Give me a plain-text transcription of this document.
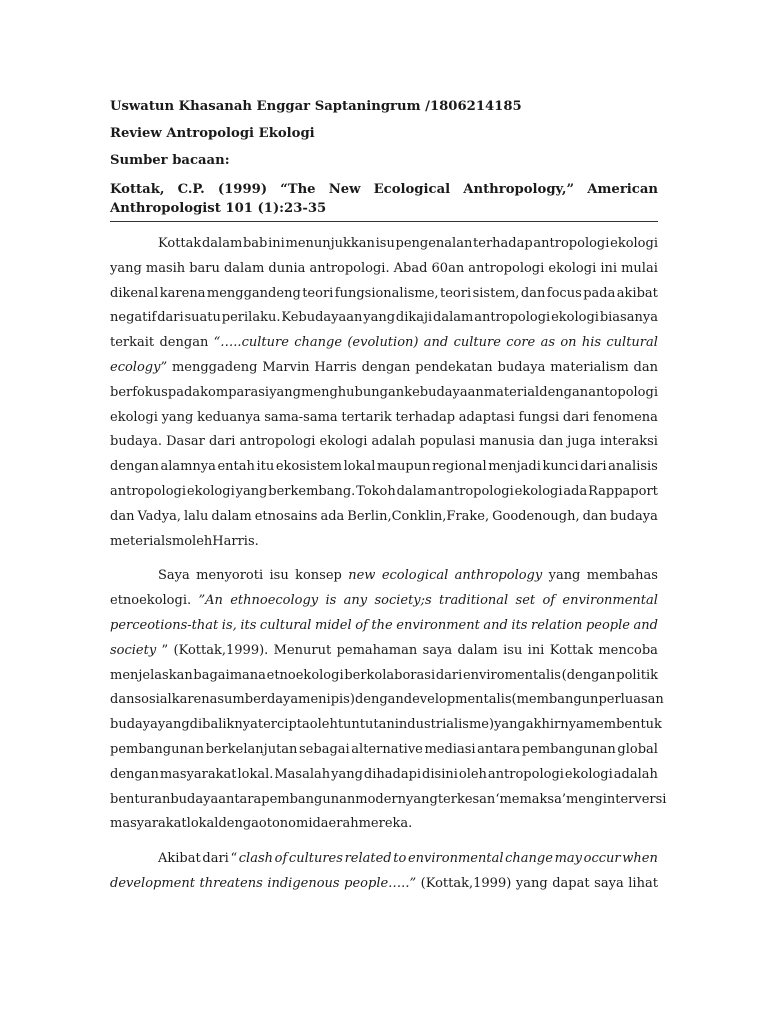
Uswatun Khasanah Enggar Saptaningrum /1806214185
Review Antropologi Ekologi
Sumber bacaan:
Kottak, C.P. (1999) “The New Ecological Anthropology,” American
Anthropologist 101 (1):23-35
Kottak dalam bab ini menunjukkan isu pengenalan terhadap antropologi ekologi
yang masih baru dalam dunia antropologi. Abad 60an antropologi ekologi ini mulai
dikenal karena menggandeng teori fungsionalisme, teori sistem, dan focus pada akibat
negatif dari suatu perilaku. Kebudayaan yang dikaji dalam antropologi ekologi biasanya
terkait dengan “…..culture change (evolution) and culture core as on his cultural
ecology” menggadeng Marvin Harris dengan pendekatan budaya materialism dan
berfokus pada komparasi yang menghubungan kebudayaan material dengan antopologi
ekologi yang keduanya sama-sama tertarik terhadap adaptasi fungsi dari fenomena
budaya. Dasar dari antropologi ekologi adalah populasi manusia dan juga interaksi
dengan alamnya entah itu ekosistem lokal maupun regional menjadi kunci dari analisis
antropologi ekologi yang berkembang. Tokoh dalam antropologi ekologi ada Rappaport
dan Vadya, lalu dalam etnosains ada Berlin,Conklin,Frake, Goodenough, dan budaya
meterialsm oleh Harris.
Saya menyoroti isu konsep new ecological anthropology yang membahas
etnoekologi. ”An ethnoecology is any society;s traditional set of environmental
perceotions-that is, its cultural midel of the environment and its relation people and
society ” (Kottak,1999). Menurut pemahaman saya dalam isu ini Kottak mencoba
menjelaskan bagaimana etnoekologi berkolaborasi dari enviromentalis (dengan politik
dan sosial karena sumber daya menipis) dengan developmentalis (membangun perluasan
budaya yang dibaliknya tercipta oleh tuntutan industrialisme) yang akhirnya membentuk
pembangunan berkelanjutan sebagai alternative mediasi antara pembangunan global
dengan masyarakat lokal. Masalah yang dihadapi disini oleh antropologi ekologi adalah
benturan budaya antara pembangunan modern yang terkesan ‘memaksa’ menginterversi
masyarakat lokal denga otonomi daerah mereka.
Akibat dari “ clash of cultures related to environmental change may occur when
development threatens indigenous people…..” (Kottak,1999) yang dapat saya lihat
